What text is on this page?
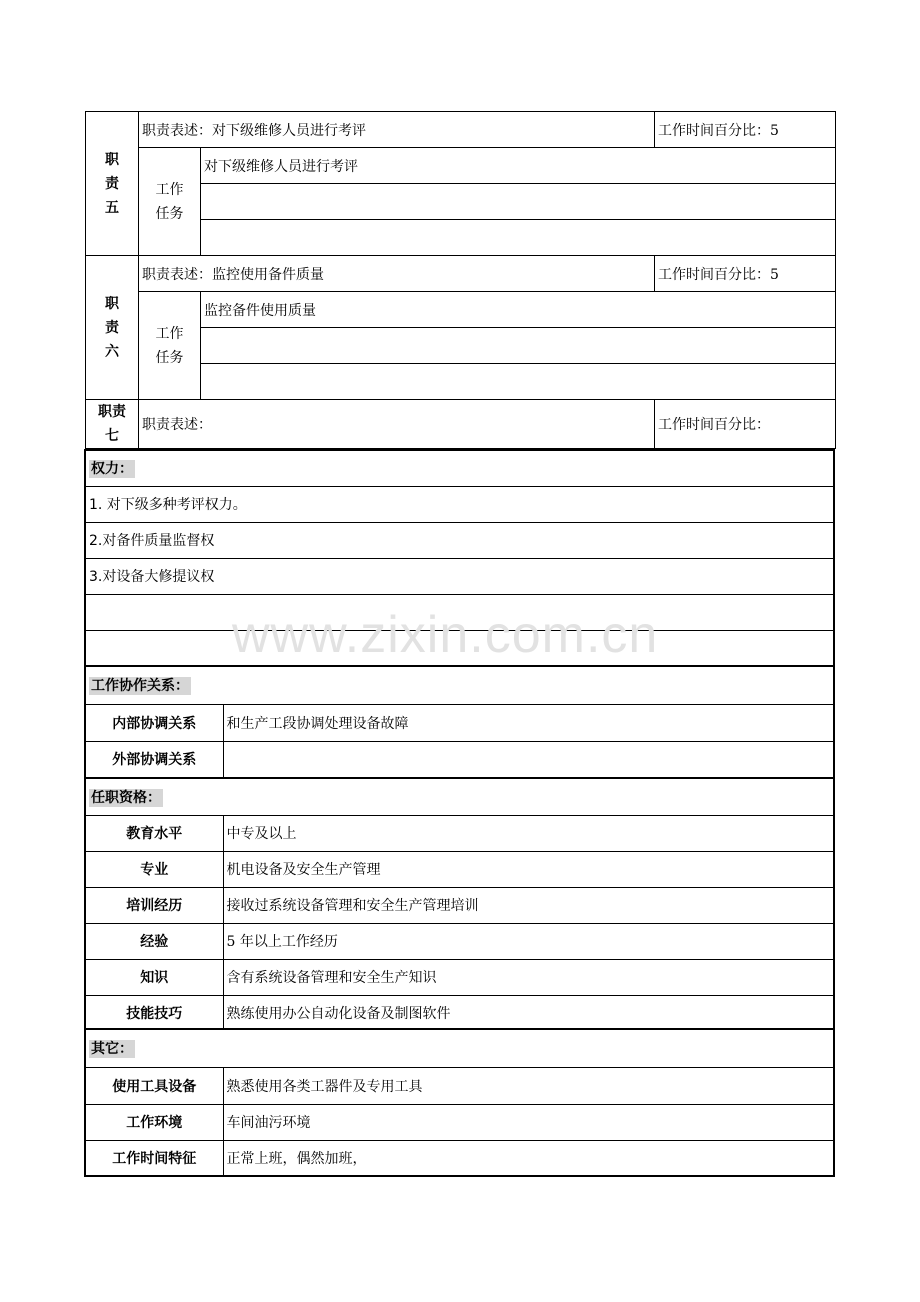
职
责
五	职责表述：对下级维修人员进行考评		工作时间百分比：5
	工作
任务	对下级维修人员进行考评	

职
责
六	职责表述：监控使用备件质量		工作时间百分比：5
	工作
任务	监控备件使用质量	

职责
七	职责表述：		工作时间百分比：
权力：
1. 对下级多种考评权力。
2.对备件质量监督权
3.对设备大修提议权

工作协作关系：	
内部协调关系	和生产工段协调处理设备故障
外部协调关系	
任职资格：	
教育水平	中专及以上
专业	机电设备及安全生产管理
培训经历	接收过系统设备管理和安全生产管理培训
经验	5 年以上工作经历
知识	含有系统设备管理和安全生产知识
技能技巧	熟练使用办公自动化设备及制图软件
其它：	
使用工具设备	熟悉使用各类工器件及专用工具
工作环境	车间油污环境
工作时间特征	正常上班，偶然加班，
www.zixin.com.cn
